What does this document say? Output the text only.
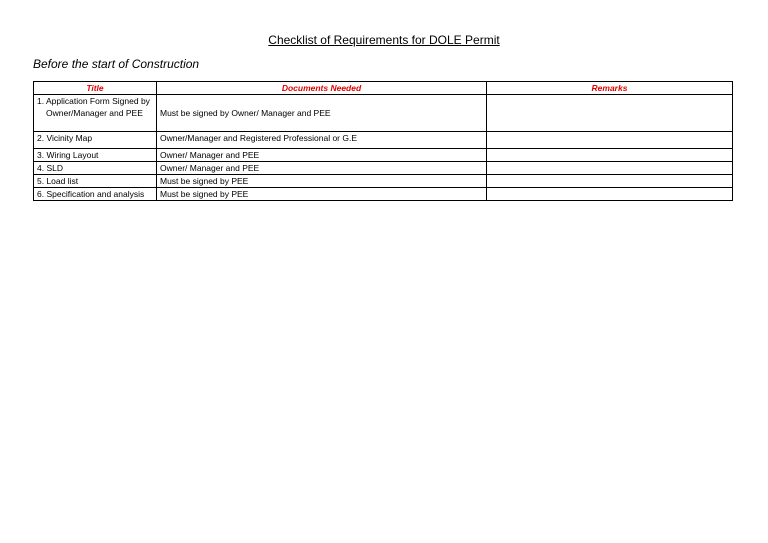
Checklist of Requirements for DOLE Permit
Before the start of Construction
Title	Documents Needed	Remarks
1. Application Form Signed by Owner/Manager and PEE	Must be signed by Owner/ Manager and PEE	
2. Vicinity Map	Owner/Manager and Registered Professional or G.E	
3. Wiring Layout	Owner/ Manager and PEE	
4. SLD	Owner/ Manager and PEE	
5. Load list	Must be signed by PEE	
6. Specification and analysis	Must be signed by PEE	
